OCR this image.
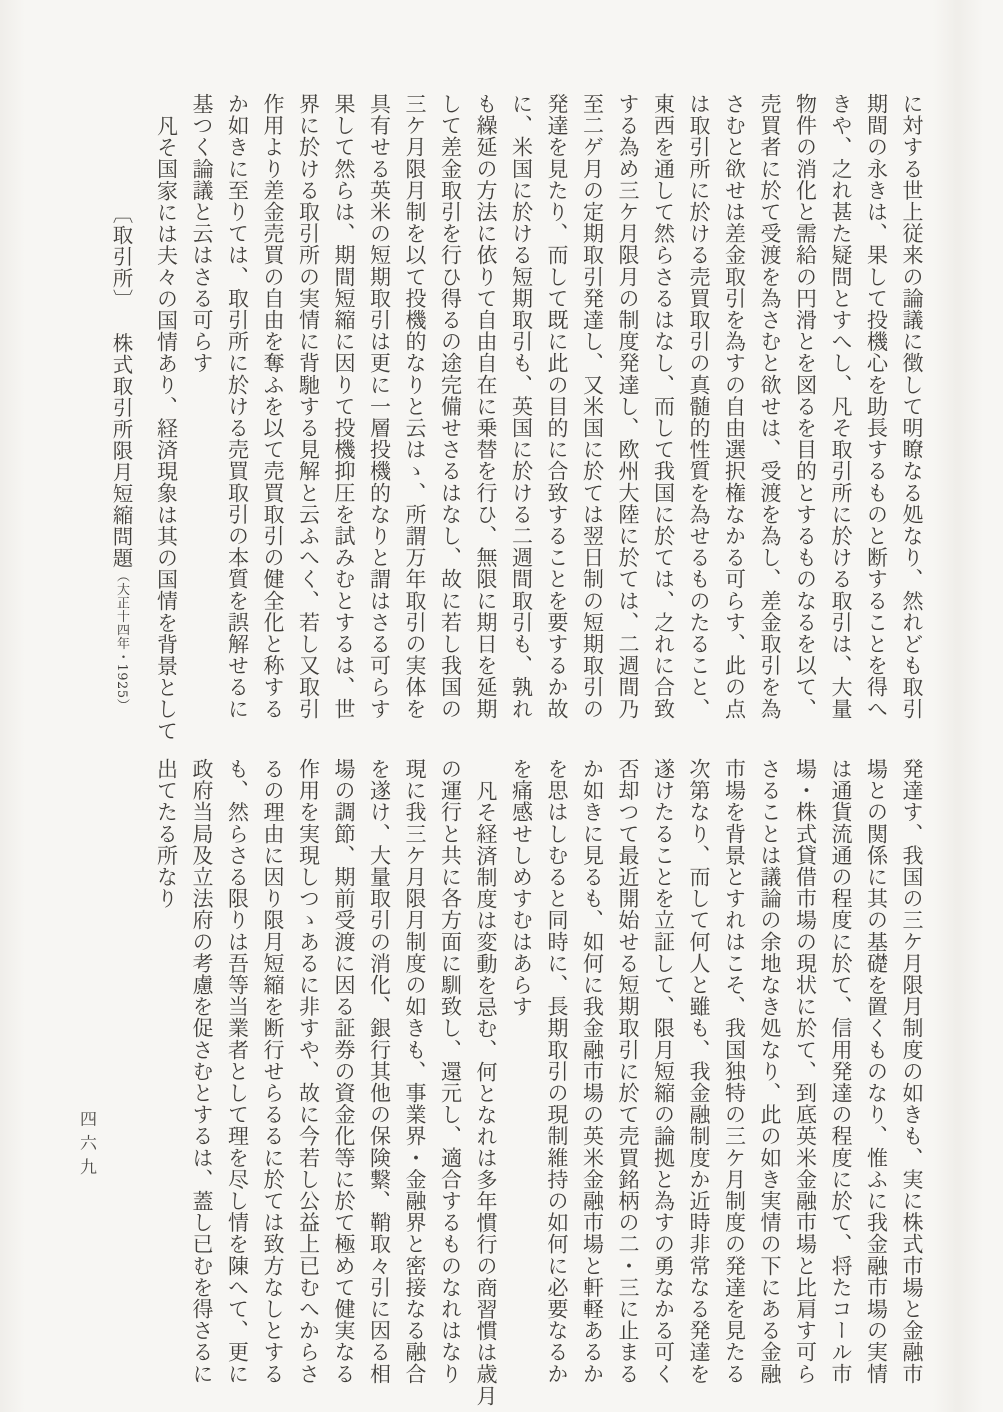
に対する世上従来の論議に徴して明瞭なる処なり、然れども取引
期間の永きは、果して投機心を助長するものと断することを得へ
きや、之れ甚た疑問とすへし、凡そ取引所に於ける取引は、大量
物件の消化と需給の円滑とを図るを目的とするものなるを以て、
売買者に於て受渡を為さむと欲せは、受渡を為し、差金取引を為
さむと欲せは差金取引を為すの自由選択権なかる可らす、此の点
は取引所に於ける売買取引の真髄的性質を為せるものたること、
東西を通して然らさるはなし、而して我国に於ては、之れに合致
する為め三ケ月限月の制度発達し、欧州大陸に於ては、二週間乃
至二ゲ月の定期取引発達し、又米国に於ては翌日制の短期取引の
発達を見たり、而して既に此の目的に合致することを要するか故
に、米国に於ける短期取引も、英国に於ける二週間取引も、孰れ
も繰延の方法に依りて自由自在に乗替を行ひ、無限に期日を延期
して差金取引を行ひ得るの途完備せさるはなし、故に若し我国の
三ケ月限月制を以て投機的なりと云はゝ、所謂万年取引の実体を
具有せる英米の短期取引は更に一層投機的なりと謂はさる可らす
果して然らは、期間短縮に因りて投機抑圧を試みむとするは、世
界に於ける取引所の実情に背馳する見解と云ふへく、若し又取引
作用より差金売買の自由を奪ふを以て売買取引の健全化と称する
か如きに至りては、取引所に於ける売買取引の本質を誤解せるに
基つく論議と云はさる可らす
凡そ国家には夫々の国情あり、経済現象は其の国情を背景として
〔取引所〕株式取引所限月短縮問題（大正十四年・1925）
発達す、我国の三ケ月限月制度の如きも、実に株式市場と金融市
場との関係に其の基礎を置くものなり、惟ふに我金融市場の実情
は通貨流通の程度に於て、信用発達の程度に於て、将たコール市
場・株式貸借市場の現状に於て、到底英米金融市場と比肩す可ら
さることは議論の余地なき処なり、此の如き実情の下にある金融
市場を背景とすれはこそ、我国独特の三ケ月制度の発達を見たる
次第なり、而して何人と雖も、我金融制度か近時非常なる発達を
遂けたることを立証して、限月短縮の論拠と為すの勇なかる可く
否却つて最近開始せる短期取引に於て売買銘柄の二・三に止まる
か如きに見るも、如何に我金融市場の英米金融市場と軒軽あるか
を思はしむると同時に、長期取引の現制維持の如何に必要なるか
を痛感せしめすむはあらす
凡そ経済制度は変動を忌む、何となれは多年慣行の商習慣は歳月
の運行と共に各方面に馴致し、還元し、適合するものなれはなり
現に我三ケ月限月制度の如きも、事業界・金融界と密接なる融合
を遂け、大量取引の消化、銀行其他の保険繋、鞘取々引に因る相
場の調節、期前受渡に因る証券の資金化等に於て極めて健実なる
作用を実現しつゝあるに非すや、故に今若し公益上已むへからさ
るの理由に因り限月短縮を断行せらるるに於ては致方なしとする
も、然らさる限りは吾等当業者として理を尽し情を陳へて、更に
政府当局及立法府の考慮を促さむとするは、蓋し已むを得さるに
出てたる所なり
四六九
